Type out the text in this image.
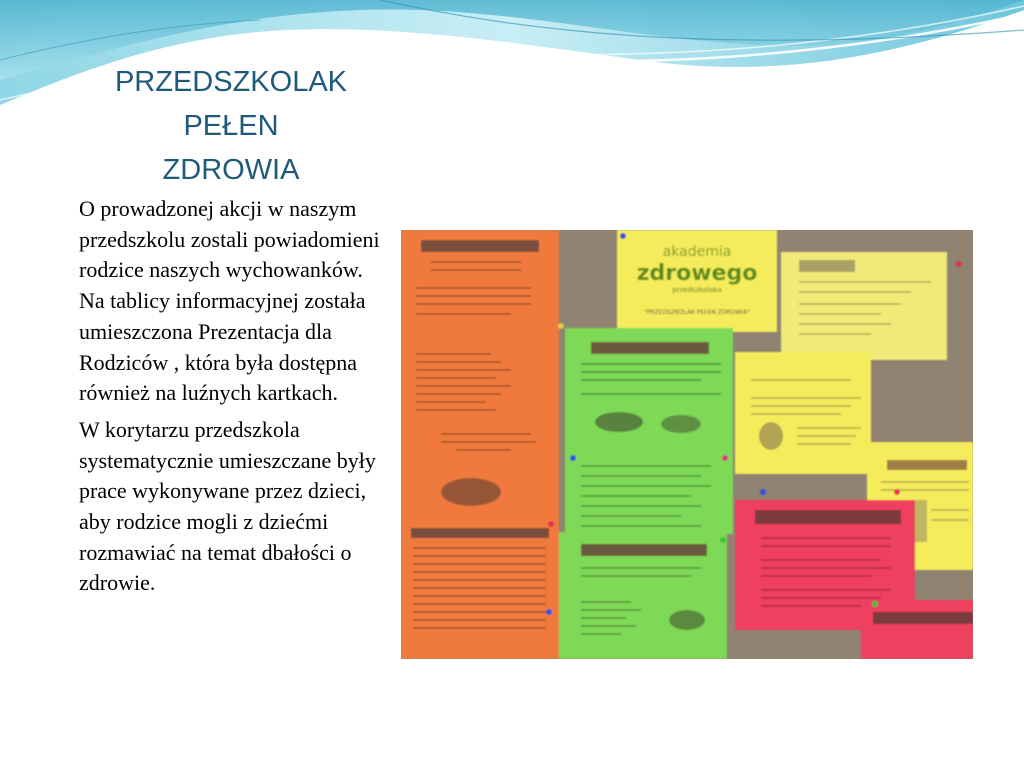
PRZEDSZKOLAK
PEŁEN
ZDROWIA

O prowadzonej akcji w naszym przedszkolu zostali powiadomieni rodzice naszych wychowanków. Na tablicy informacyjnej została umieszczona Prezentacja dla Rodziców , która była dostępna również na luźnych kartkach.

W korytarzu przedszkola systematycznie umieszczane były prace wykonywane przez dzieci, aby rodzice mogli z dziećmi rozmawiać na temat dbałości o zdrowie.

akademia
zdrowego
przedszkolaka
"PRZEDSZKOLAK PEŁEN ZDROWIA"
